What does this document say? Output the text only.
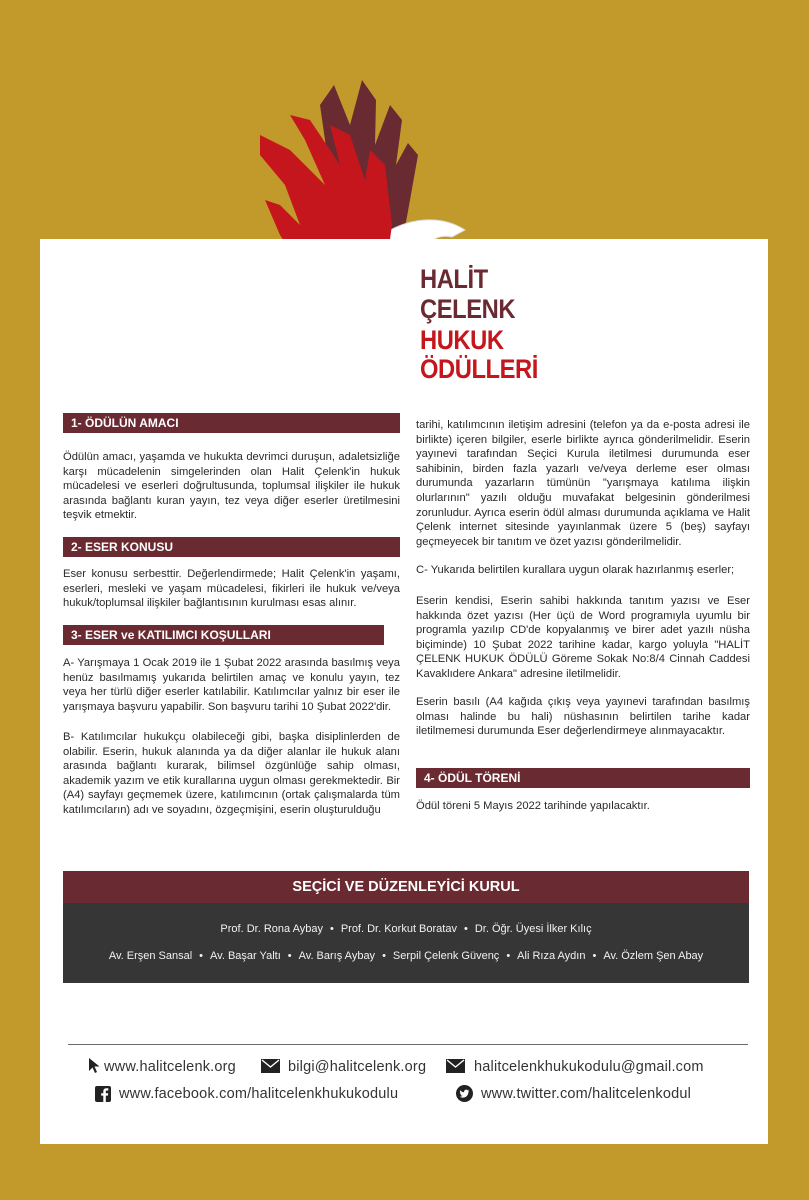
HALİT
ÇELENK
HUKUK
ÖDÜLLERİ
1- ÖDÜLÜN AMACI
Ödülün amacı, yaşamda ve hukukta devrimci duruşun, adaletsizliğe karşı mücadelenin simgelerinden olan Halit Çelenk'in hukuk mücadelesi ve eserleri doğrultusunda, toplumsal ilişkiler ile hukuk arasında bağlantı kuran yayın, tez veya diğer eserler üretilmesini teşvik etmektir.
2- ESER KONUSU
Eser konusu serbesttir. Değerlendirmede; Halit Çelenk'in yaşamı, eserleri, mesleki ve yaşam mücadelesi, fikirleri ile hukuk ve/veya hukuk/toplumsal ilişkiler bağlantısının kurulması esas alınır.
3- ESER ve KATILIMCI KOŞULLARI
A- Yarışmaya 1 Ocak 2019 ile 1 Şubat 2022 arasında basılmış veya henüz basılmamış yukarıda belirtilen amaç ve konulu yayın, tez veya her türlü diğer eserler katılabilir. Katılımcılar yalnız bir eser ile yarışmaya başvuru yapabilir. Son başvuru tarihi 10 Şubat 2022'dir.
B- Katılımcılar hukukçu olabileceği gibi, başka disiplinlerden de olabilir. Eserin, hukuk alanında ya da diğer alanlar ile hukuk alanı arasında bağlantı kurarak, bilimsel özgünlüğe sahip olması, akademik yazım ve etik kurallarına uygun olması gerekmektedir. Bir (A4) sayfayı geçmemek üzere, katılımcının (ortak çalışmalarda tüm katılımcıların) adı ve soyadını, özgeçmişini, eserin oluşturulduğu
tarihi, katılımcının iletişim adresini (telefon ya da e-posta adresi ile birlikte) içeren bilgiler, eserle birlikte ayrıca gönderilmelidir. Eserin yayınevi tarafından Seçici Kurula iletilmesi durumunda eser sahibinin, birden fazla yazarlı ve/veya derleme eser olması durumunda yazarların tümünün "yarışmaya katılıma ilişkin olurlarının" yazılı olduğu muvafakat belgesinin gönderilmesi zorunludur. Ayrıca eserin ödül alması durumunda açıklama ve Halit Çelenk internet sitesinde yayınlanmak üzere 5 (beş) sayfayı geçmeyecek bir tanıtım ve özet yazısı gönderilmelidir.
C- Yukarıda belirtilen kurallara uygun olarak hazırlanmış eserler;
Eserin kendisi, Eserin sahibi hakkında tanıtım yazısı ve Eser hakkında özet yazısı (Her üçü de Word programıyla uyumlu bir programla yazılıp CD'de kopyalanmış ve birer adet yazılı nüsha biçiminde) 10 Şubat 2022 tarihine kadar, kargo yoluyla "HALİT ÇELENK HUKUK ÖDÜLÜ Göreme Sokak No:8/4 Cinnah Caddesi Kavaklıdere Ankara" adresine iletilmelidir.
Eserin basılı (A4 kağıda çıkış veya yayınevi tarafından basılmış olması halinde bu hali) nüshasının belirtilen tarihe kadar iletilmemesi durumunda Eser değerlendirmeye alınmayacaktır.
4- ÖDÜL TÖRENİ
Ödül töreni 5 Mayıs 2022 tarihinde yapılacaktır.
SEÇİCİ VE DÜZENLEYİCİ KURUL
Prof. Dr. Rona Aybay • Prof. Dr. Korkut Boratav • Dr. Öğr. Üyesi İlker Kılıç
Av. Erşen Sansal • Av. Başar Yaltı • Av. Barış Aybay • Serpil Çelenk Güvenç • Ali Rıza Aydın • Av. Özlem Şen Abay
www.halitcelenk.org	bilgi@halitcelenk.org	halitcelenkhukukodulu@gmail.com
www.facebook.com/halitcelenkhukukodulu	www.twitter.com/halitcelenkodul
